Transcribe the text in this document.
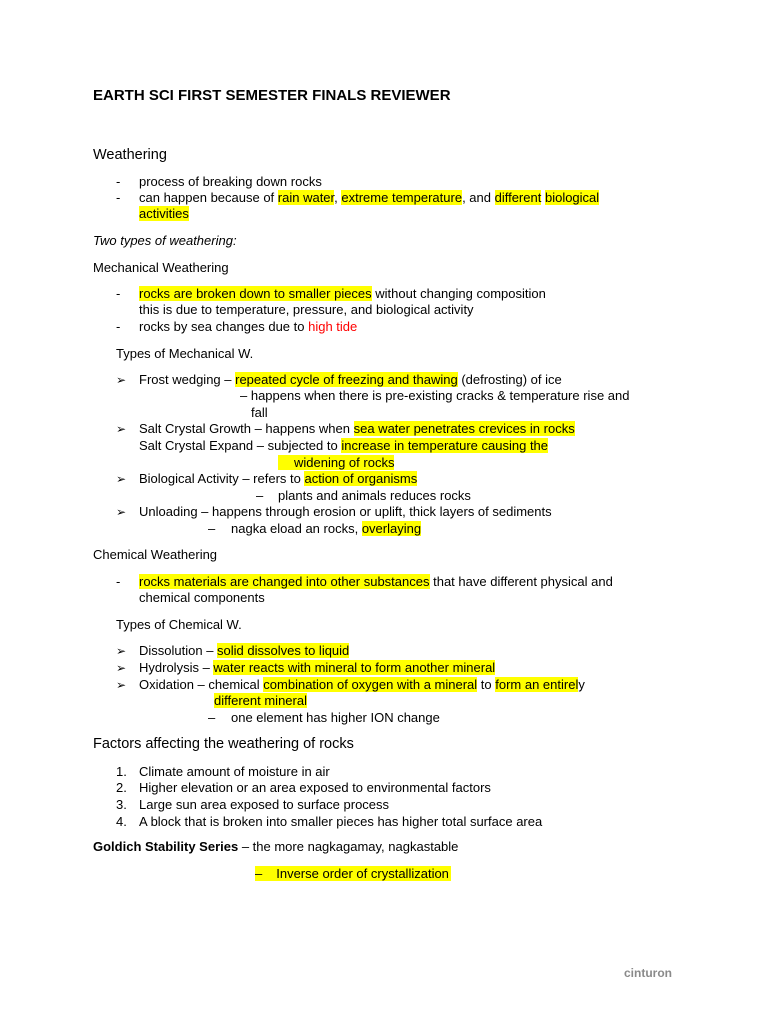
EARTH SCI FIRST SEMESTER FINALS REVIEWER
Weathering
- process of breaking down rocks
- can happen because of rain water, extreme temperature, and different biological
activities
Two types of weathering:
Mechanical Weathering
- rocks are broken down to smaller pieces without changing composition
this is due to temperature, pressure, and biological activity
- rocks by sea changes due to high tide
Types of Mechanical W.
➢ Frost wedging – repeated cycle of freezing and thawing (defrosting) of ice
– happens when there is pre-existing cracks & temperature rise and
fall
➢ Salt Crystal Growth – happens when sea water penetrates crevices in rocks
Salt Crystal Expand – subjected to increase in temperature causing the
widening of rocks
➢ Biological Activity – refers to action of organisms
– plants and animals reduces rocks
➢ Unloading – happens through erosion or uplift, thick layers of sediments
– nagka eload an rocks, overlaying
Chemical Weathering
- rocks materials are changed into other substances that have different physical and
chemical components
Types of Chemical W.
➢ Dissolution – solid dissolves to liquid
➢ Hydrolysis – water reacts with mineral to form another mineral
➢ Oxidation – chemical combination of oxygen with a mineral to form an entirely
different mineral
– one element has higher ION change
Factors affecting the weathering of rocks
1. Climate amount of moisture in air
2. Higher elevation or an area exposed to environmental factors
3. Large sun area exposed to surface process
4. A block that is broken into smaller pieces has higher total surface area
Goldich Stability Series – the more nagkagamay, nagkastable
– Inverse order of crystallization
cinturon
